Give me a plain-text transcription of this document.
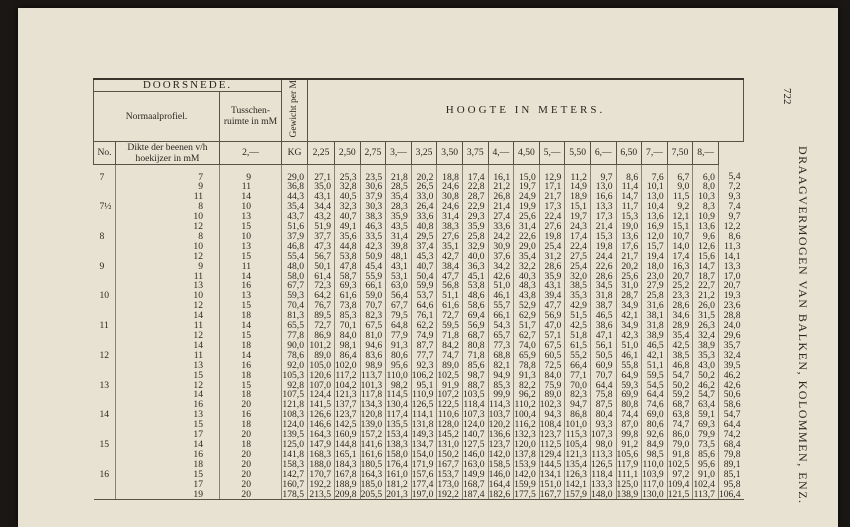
722
DRAAGVERMOGEN VAN BALKEN, KOLOMMEN, ENZ.
DOORSNEDE.			Gewicht per M	HOOGTE IN METERS.																
Normaalprofiel.		Tusschen-ruimte in mM																		
No.	Dikte der beenen v/h hoekijzer in mM		KG																	
		2,—		2,25	2,50	2,75	3,—	3,25	3,50	3,75	4,—	4,50	5,—	5,50	6,—	6,50	7,—	7,50	8,—	
7	7	9	29,0	27,1	25,3	23,5	21,8	20,2	18,8	17,4	16,1	15,0	12,9	11,2	9,7	8,6	7,6	6,7	6,0	5,4
	9	11	36,8	35,0	32,8	30,6	28,5	26,5	24,6	22,8	21,2	19,7	17,1	14,9	13,0	11,4	10,1	9,0	8,0	7,2
	11	14	44,3	43,1	40,5	37,9	35,4	33,0	30,8	28,7	26,8	24,9	21,7	18,9	16,6	14,7	13,0	11,5	10,3	9,3
7½	8	10	35,4	34,4	32,3	30,3	28,3	26,4	24,6	22,9	21,4	19,9	17,3	15,1	13,3	11,7	10,4	9,2	8,3	7,4
	10	13	43,7	43,2	40,7	38,3	35,9	33,6	31,4	29,3	27,4	25,6	22,4	19,7	17,3	15,3	13,6	12,1	10,9	9,7
	12	15	51,6	51,9	49,1	46,3	43,5	40,8	38,3	35,9	33,6	31,4	27,6	24,3	21,4	19,0	16,9	15,1	13,6	12,2
8	8	10	37,9	37,7	35,6	33,5	31,4	29,5	27,6	25,8	24,2	22,6	19,8	17,4	15,3	13,6	12,0	10,7	9,6	8,6
	10	13	46,8	47,3	44,8	42,3	39,8	37,4	35,1	32,9	30,9	29,0	25,4	22,4	19,8	17,6	15,7	14,0	12,6	11,3
	12	15	55,4	56,7	53,8	50,9	48,1	45,3	42,7	40,0	37,6	35,4	31,2	27,5	24,4	21,7	19,4	17,4	15,6	14,1
9	9	11	48,0	50,1	47,8	45,4	43,1	40,7	38,4	36,3	34,2	32,2	28,6	25,4	22,6	20,2	18,0	16,3	14,7	13,3
	11	14	58,0	61,4	58,7	55,9	53,1	50,4	47,7	45,1	42,6	40,3	35,9	32,0	28,6	25,6	23,0	20,7	18,7	17,0
	13	16	67,7	72,3	69,3	66,1	63,0	59,9	56,8	53,8	51,0	48,3	43,1	38,5	34,5	31,0	27,9	25,2	22,7	20,7
10	10	13	59,3	64,2	61,6	59,0	56,4	53,7	51,1	48,6	46,1	43,8	39,4	35,3	31,8	28,7	25,8	23,3	21,2	19,3
	12	15	70,4	76,7	73,8	70,7	67,7	64,6	61,6	58,6	55,7	52,9	47,7	42,9	38,7	34,9	31,6	28,6	26,0	23,6
	14	18	81,3	89,5	85,3	82,3	79,5	76,1	72,7	69,4	66,1	62,9	56,9	51,5	46,5	42,1	38,1	34,6	31,5	28,8
11	11	14	65,5	72,7	70,1	67,5	64,8	62,2	59,5	56,9	54,3	51,7	47,0	42,5	38,6	34,9	31,8	28,9	26,3	24,0
	12	15	77,8	86,9	84,0	81,0	77,9	74,9	71,8	68,7	65,7	62,7	57,1	51,8	47,1	42,3	38,9	35,4	32,4	29,6
	14	18	90,0	101,2	98,1	94,6	91,3	87,7	84,2	80,8	77,3	74,0	67,5	61,5	56,1	51,0	46,5	42,5	38,9	35,7
12	11	14	78,6	89,0	86,4	83,6	80,6	77,7	74,7	71,8	68,8	65,9	60,5	55,2	50,5	46,1	42,1	38,5	35,3	32,4
	13	16	92,0	105,0	102,0	98,9	95,6	92,3	89,0	85,6	82,1	78,8	72,5	66,4	60,9	55,8	51,1	46,8	43,0	39,5
	15	18	105,3	120,6	117,2	113,7	110,0	106,2	102,5	98,7	94,9	91,3	84,0	77,1	70,7	64,9	59,5	54,7	50,2	46,2
13	12	15	92,8	107,0	104,2	101,3	98,2	95,1	91,9	88,7	85,3	82,2	75,9	70,0	64,4	59,3	54,5	50,2	46,2	42,6
	14	18	107,5	124,4	121,3	117,8	114,5	110,9	107,2	103,5	99,9	96,2	89,0	82,3	75,8	69,9	64,4	59,2	54,7	50,6
	16	20	121,8	141,5	137,7	134,3	130,4	126,5	122,5	118,4	114,3	110,2	102,3	94,7	87,5	80,8	74,6	68,7	63,4	58,6
14	13	16	108,3	126,6	123,7	120,8	117,4	114,1	110,6	107,3	103,7	100,4	94,3	86,8	80,4	74,4	69,0	63,8	59,1	54,7
	15	18	124,0	146,6	142,5	139,0	135,5	131,8	128,0	124,0	120,2	116,2	108,4	101,0	93,3	87,0	80,6	74,7	69,3	64,4
	17	20	139,5	164,3	160,9	157,2	153,4	149,3	145,2	140,7	136,6	132,3	123,7	115,3	107,3	99,8	92,6	86,0	79,9	74,2
15	14	18	125,0	147,9	144,8	141,6	138,3	134,7	131,0	127,5	123,7	120,0	112,5	105,4	98,0	91,2	84,9	79,0	73,5	68,4
	16	20	141,8	168,3	165,1	161,6	158,0	154,0	150,2	146,0	142,0	137,8	129,4	121,3	113,3	105,6	98,5	91,8	85,6	79,8
	18	20	158,3	188,0	184,3	180,5	176,4	171,9	167,7	163,0	158,5	153,9	144,5	135,4	126,5	117,9	110,0	102,5	95,6	89,1
16	15	20	142,7	170,7	167,8	164,3	161,0	157,6	153,7	149,9	146,0	142,0	134,1	126,3	118,4	111,1	103,9	97,2	91,0	85,1
	17	20	160,7	192,2	188,9	185,0	181,2	177,4	173,0	168,7	164,4	159,9	151,0	142,1	133,3	125,0	117,0	109,4	102,4	95,8
	19	20	178,5	213,5	209,8	205,5	201,3	197,0	192,2	187,4	182,6	177,5	167,7	157,9	148,0	138,9	130,0	121,5	113,7	106,4
